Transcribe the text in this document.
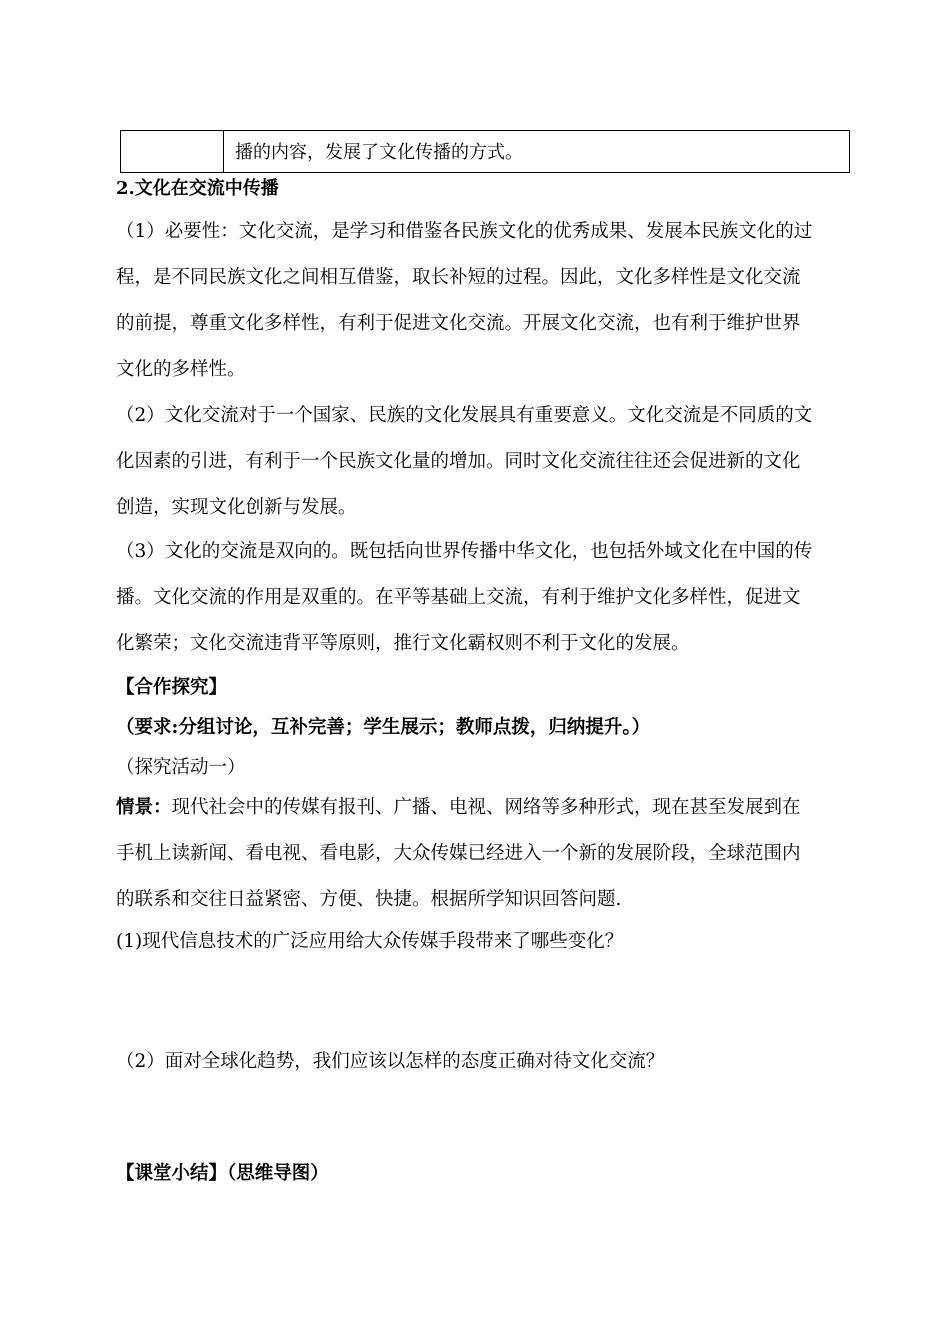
播的内容，发展了文化传播的方式。
2.文化在交流中传播
（1）必要性：文化交流，是学习和借鉴各民族文化的优秀成果、发展本民族文化的过
程，是不同民族文化之间相互借鉴，取长补短的过程。因此，文化多样性是文化交流
的前提，尊重文化多样性，有利于促进文化交流。开展文化交流，也有利于维护世界
文化的多样性。
（2）文化交流对于一个国家、民族的文化发展具有重要意义。文化交流是不同质的文
化因素的引进，有利于一个民族文化量的增加。同时文化交流往往还会促进新的文化
创造，实现文化创新与发展。
（3）文化的交流是双向的。既包括向世界传播中华文化，也包括外域文化在中国的传
播。文化交流的作用是双重的。在平等基础上交流，有利于维护文化多样性，促进文
化繁荣；文化交流违背平等原则，推行文化霸权则不利于文化的发展。
【合作探究】
（要求:分组讨论，互补完善；学生展示；教师点拨，归纳提升。）
（探究活动一）
情景：现代社会中的传媒有报刊、广播、电视、网络等多种形式，现在甚至发展到在
手机上读新闻、看电视、看电影，大众传媒已经进入一个新的发展阶段，全球范围内
的联系和交往日益紧密、方便、快捷。根据所学知识回答问题.
(1)现代信息技术的广泛应用给大众传媒手段带来了哪些变化？
（2）面对全球化趋势，我们应该以怎样的态度正确对待文化交流？
【课堂小结】（思维导图）
